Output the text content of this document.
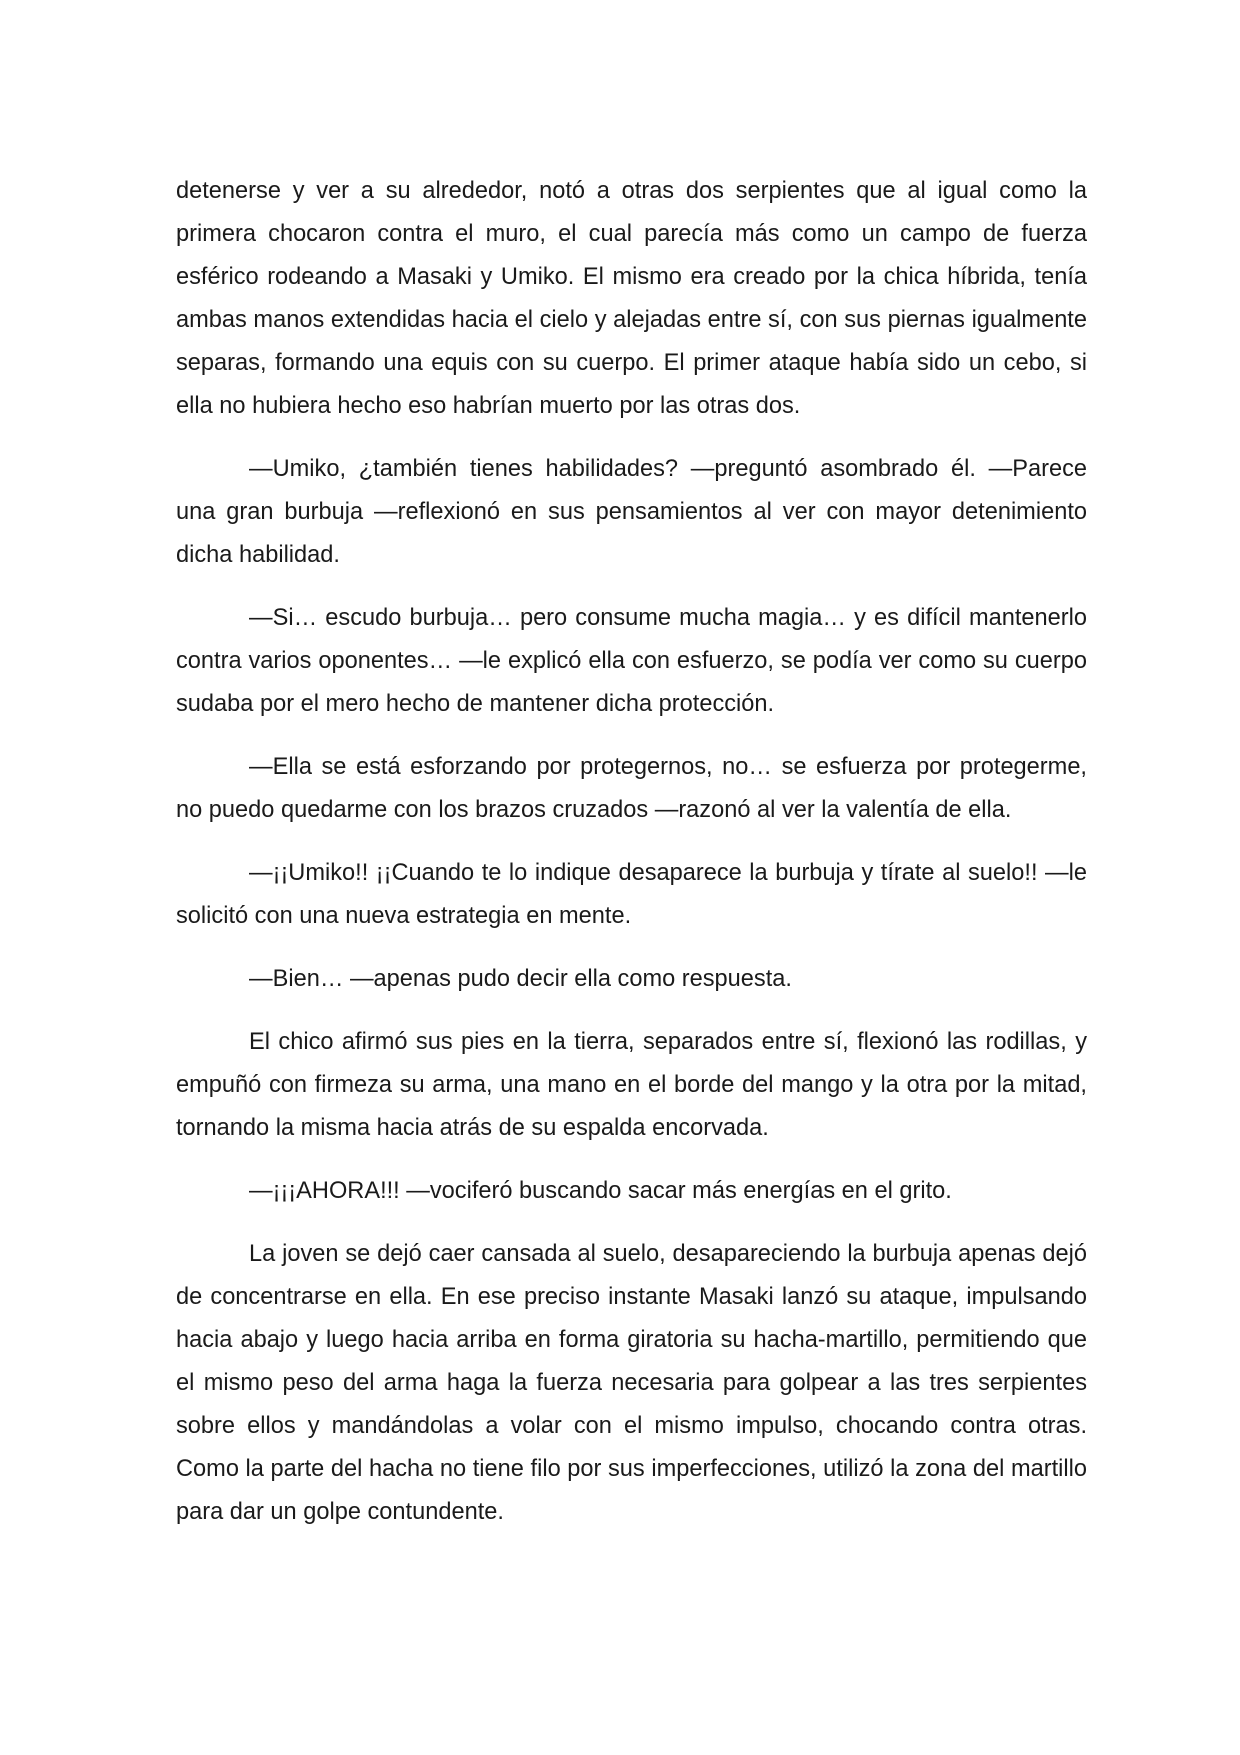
detenerse y ver a su alrededor, notó a otras dos serpientes que al igual como la primera chocaron contra el muro, el cual parecía más como un campo de fuerza esférico rodeando a Masaki y Umiko. El mismo era creado por la chica híbrida, tenía ambas manos extendidas hacia el cielo y alejadas entre sí, con sus piernas igualmente separas, formando una equis con su cuerpo. El primer ataque había sido un cebo, si ella no hubiera hecho eso habrían muerto por las otras dos.

—Umiko, ¿también tienes habilidades? —preguntó asombrado él. —Parece una gran burbuja —reflexionó en sus pensamientos al ver con mayor detenimiento dicha habilidad.

—Si… escudo burbuja… pero consume mucha magia… y es difícil mantenerlo contra varios oponentes… —le explicó ella con esfuerzo, se podía ver como su cuerpo sudaba por el mero hecho de mantener dicha protección.

—Ella se está esforzando por protegernos, no… se esfuerza por protegerme, no puedo quedarme con los brazos cruzados —razonó al ver la valentía de ella.

—¡¡Umiko!! ¡¡Cuando te lo indique desaparece la burbuja y tírate al suelo!! —le solicitó con una nueva estrategia en mente.

—Bien… —apenas pudo decir ella como respuesta.

El chico afirmó sus pies en la tierra, separados entre sí, flexionó las rodillas, y empuñó con firmeza su arma, una mano en el borde del mango y la otra por la mitad, tornando la misma hacia atrás de su espalda encorvada.

—¡¡¡AHORA!!! —vociferó buscando sacar más energías en el grito.

La joven se dejó caer cansada al suelo, desapareciendo la burbuja apenas dejó de concentrarse en ella. En ese preciso instante Masaki lanzó su ataque, impulsando hacia abajo y luego hacia arriba en forma giratoria su hacha-martillo, permitiendo que el mismo peso del arma haga la fuerza necesaria para golpear a las tres serpientes sobre ellos y mandándolas a volar con el mismo impulso, chocando contra otras. Como la parte del hacha no tiene filo por sus imperfecciones, utilizó la zona del martillo para dar un golpe contundente.
